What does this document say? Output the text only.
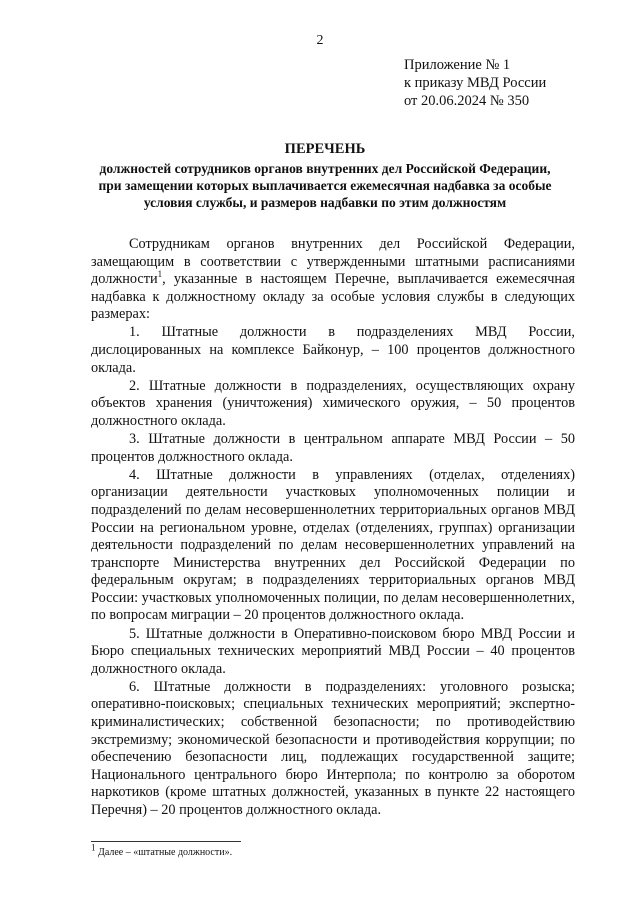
2
Приложение № 1
к приказу МВД России
от 20.06.2024 № 350
ПЕРЕЧЕНЬ
должностей сотрудников органов внутренних дел Российской Федерации, при замещении которых выплачивается ежемесячная надбавка за особые условия службы, и размеров надбавки по этим должностям

Сотрудникам органов внутренних дел Российской Федерации, замещающим в соответствии с утвержденными штатными расписаниями должности$^1$, указанные в настоящем Перечне, выплачивается ежемесячная надбавка к должностному окладу за особые условия службы в следующих размерах:

1. Штатные должности в подразделениях МВД России, дислоцированных на комплексе Байконур, – 100 процентов должностного оклада.

2. Штатные должности в подразделениях, осуществляющих охрану объектов хранения (уничтожения) химического оружия, – 50 процентов должностного оклада.

3. Штатные должности в центральном аппарате МВД России – 50 процентов должностного оклада.

4. Штатные должности в управлениях (отделах, отделениях) организации деятельности участковых уполномоченных полиции и подразделений по делам несовершеннолетних территориальных органов МВД России на региональном уровне, отделах (отделениях, группах) организации деятельности подразделений по делам несовершеннолетних управлений на транспорте Министерства внутренних дел Российской Федерации по федеральным округам; в подразделениях территориальных органов МВД России: участковых уполномоченных полиции, по делам несовершеннолетних, по вопросам миграции – 20 процентов должностного оклада.

5. Штатные должности в Оперативно-поисковом бюро МВД России и Бюро специальных технических мероприятий МВД России – 40 процентов должностного оклада.

6. Штатные должности в подразделениях: уголовного розыска; оперативно-поисковых; специальных технических мероприятий; экспертно-криминалистических; собственной безопасности; по противодействию экстремизму; экономической безопасности и противодействия коррупции; по обеспечению безопасности лиц, подлежащих государственной защите; Национального центрального бюро Интерпола; по контролю за оборотом наркотиков (кроме штатных должностей, указанных в пункте 22 настоящего Перечня) – 20 процентов должностного оклада.

$^1$ Далее – «штатные должности».
